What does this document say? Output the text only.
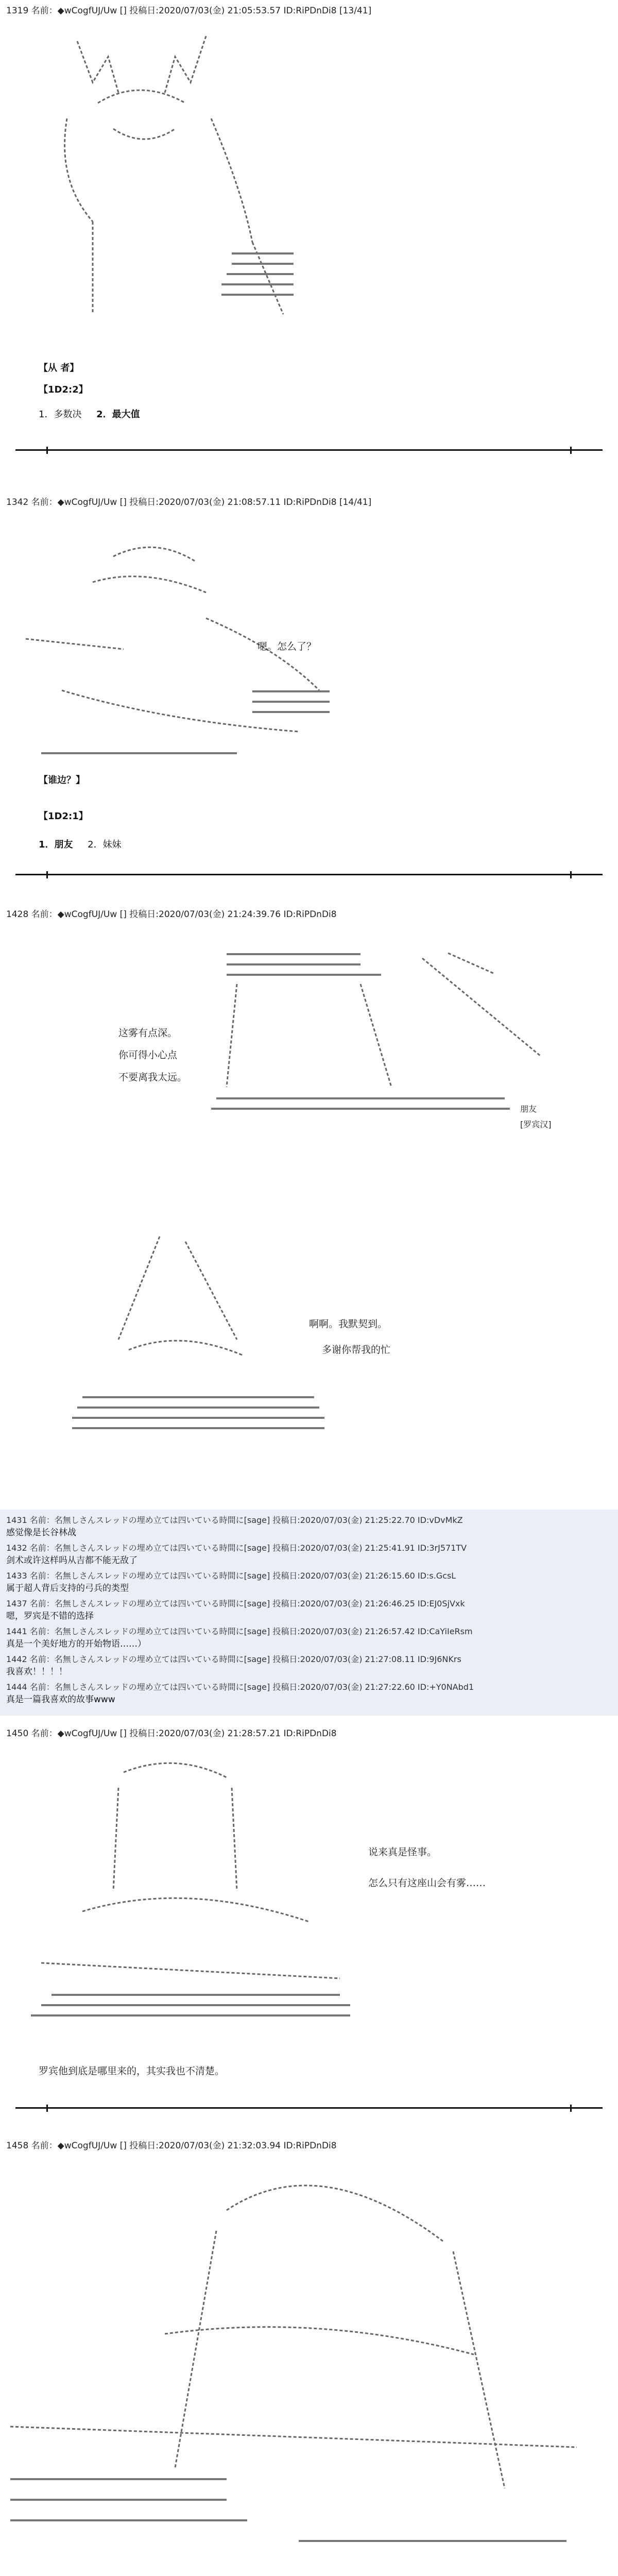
1319 名前：◆wCogfUJ/Uw [] 投稿日:2020/07/03(金) 21:05:53.57 ID:RiPDnDi8 [13/41]
【从 者】
【1D2:2】
1．多数决 2．最大值
1342 名前：◆wCogfUJ/Uw [] 投稿日:2020/07/03(金) 21:08:57.11 ID:RiPDnDi8 [14/41]
嗯。怎么了？
【谁边？】
【1D2:1】
1．朋友 2．妹妹
1428 名前：◆wCogfUJ/Uw [] 投稿日:2020/07/03(金) 21:24:39.76 ID:RiPDnDi8
这雾有点深。
你可得小心点
不要离我太远。
朋友
[罗宾汉]
啊啊。我默契到。
多谢你帮我的忙
1431 名前：名無しさんスレッドの埋め立ては四いている時間に[sage] 投稿日:2020/07/03(金) 21:25:22.70 ID:vDvMkZ
感觉像是长谷林战
1432 名前：名無しさんスレッドの埋め立ては四いている時間に[sage] 投稿日:2020/07/03(金) 21:25:41.91 ID:3rJ571TV
剑术或许这样吗从吉都不能无敌了
1433 名前：名無しさんスレッドの埋め立ては四いている時間に[sage] 投稿日:2020/07/03(金) 21:26:15.60 ID:s.GcsL
属于超人背后支持的弓兵的类型
1437 名前：名無しさんスレッドの埋め立ては四いている時間に[sage] 投稿日:2020/07/03(金) 21:26:46.25 ID:EJ0SjVxk
嗯，罗宾是不错的选择
1441 名前：名無しさんスレッドの埋め立ては四いている時間に[sage] 投稿日:2020/07/03(金) 21:26:57.42 ID:CaYiIeRsm
真是一个美好地方的开始物语……）
1442 名前：名無しさんスレッドの埋め立ては四いている時間に[sage] 投稿日:2020/07/03(金) 21:27:08.11 ID:9J6NKrs
我喜欢！！！！
1444 名前：名無しさんスレッドの埋め立ては四いている時間に[sage] 投稿日:2020/07/03(金) 21:27:22.60 ID:+Y0NAbd1
真是一篇我喜欢的故事www
1450 名前：◆wCogfUJ/Uw [] 投稿日:2020/07/03(金) 21:28:57.21 ID:RiPDnDi8
说来真是怪事。
怎么只有这座山会有雾……
罗宾他到底是哪里来的，其实我也不清楚。
1458 名前：◆wCogfUJ/Uw [] 投稿日:2020/07/03(金) 21:32:03.94 ID:RiPDnDi8
